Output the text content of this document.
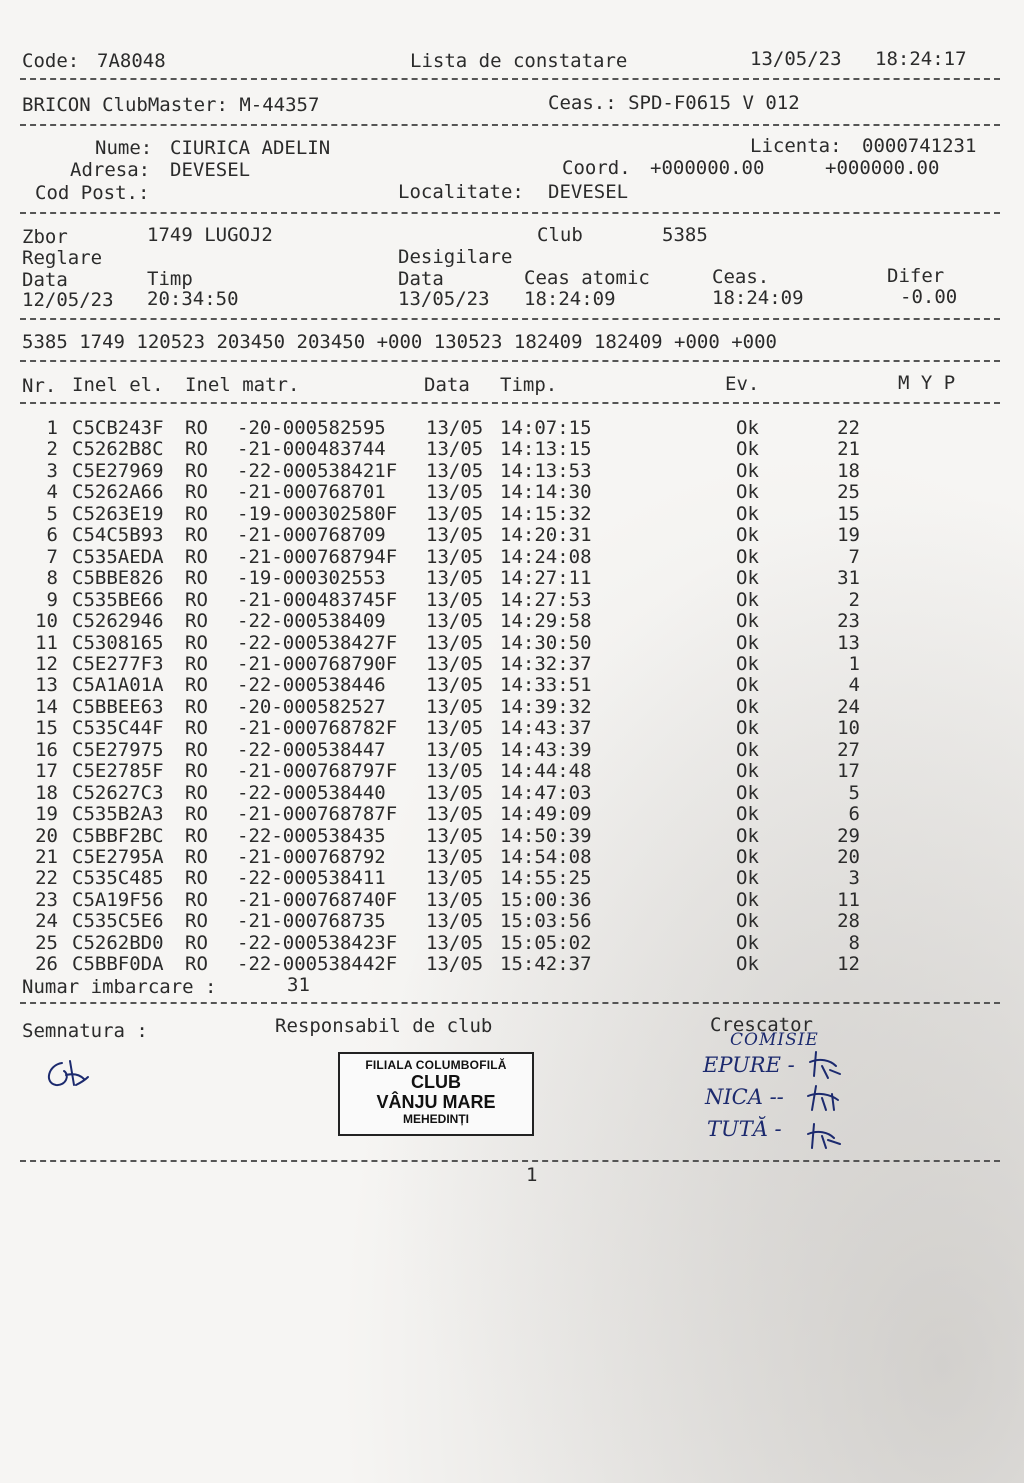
Code: 7A8048	Lista de constatare	13/05/23 18:24:17
BRICON ClubMaster: M-44357	Ceas.: SPD-F0615 V 012
Nume: CIURICA ADELIN	Licenta: 0000741231
Adresa: DEVESEL	Coord. +000000.00	+000000.00
Cod Post.:	Localitate: DEVESEL
Zbor	1749 LUGOJ2	Club	5385
Reglare	Desigilare
Data	Timp	Data	Ceas atomic	Ceas.	Difer
12/05/23 20:34:50	13/05/23 18:24:09	18:24:09	-0.00
5385 1749 120523 203450 203450 +000 130523 182409 182409 +000 +000
Nr. Inel el. Inel matr.	Data Timp.	Ev.	M Y P
1 C5CB243F RO -20-000582595 13/05 14:07:15	Ok	22
2 C5262B8C RO -21-000483744 13/05 14:13:15	Ok	21
3 C5E27969 RO -22-000538421F 13/05 14:13:53	Ok	18
4 C5262A66 RO -21-000768701 13/05 14:14:30	Ok	25
5 C5263E19 RO -19-000302580F 13/05 14:15:32	Ok	15
6 C54C5B93 RO -21-000768709 13/05 14:20:31	Ok	19
7 C535AEDA RO -21-000768794F 13/05 14:24:08	Ok	7
8 C5BBE826 RO -19-000302553 13/05 14:27:11	Ok	31
9 C535BE66 RO -21-000483745F 13/05 14:27:53	Ok	2
10 C5262946 RO -22-000538409 13/05 14:29:58	Ok	23
11 C5308165 RO -22-000538427F 13/05 14:30:50	Ok	13
12 C5E277F3 RO -21-000768790F 13/05 14:32:37	Ok	1
13 C5A1A01A RO -22-000538446 13/05 14:33:51	Ok	4
14 C5BBEE63 RO -20-000582527 13/05 14:39:32	Ok	24
15 C535C44F RO -21-000768782F 13/05 14:43:37	Ok	10
16 C5E27975 RO -22-000538447 13/05 14:43:39	Ok	27
17 C5E2785F RO -21-000768797F 13/05 14:44:48	Ok	17
18 C52627C3 RO -22-000538440 13/05 14:47:03	Ok	5
19 C535B2A3 RO -21-000768787F 13/05 14:49:09	Ok	6
20 C5BBF2BC RO -22-000538435 13/05 14:50:39	Ok	29
21 C5E2795A RO -21-000768792 13/05 14:54:08	Ok	20
22 C535C485 RO -22-000538411 13/05 14:55:25	Ok	3
23 C5A19F56 RO -21-000768740F 13/05 15:00:36	Ok	11
24 C535C5E6 RO -21-000768735 13/05 15:03:56	Ok	28
25 C5262BD0 RO -22-000538423F 13/05 15:05:02	Ok	8
26 C5BBF0DA RO -22-000538442F 13/05 15:42:37	Ok	12
Numar imbarcare :	31
Semnatura :	Responsabil de club	Crescator
FILIALA COLUMBOFILĂ
CLUB
VÂNJU MARE
MEHEDINȚI
COMISIE
EPURE -
NICA --
TUTĂ -
1
